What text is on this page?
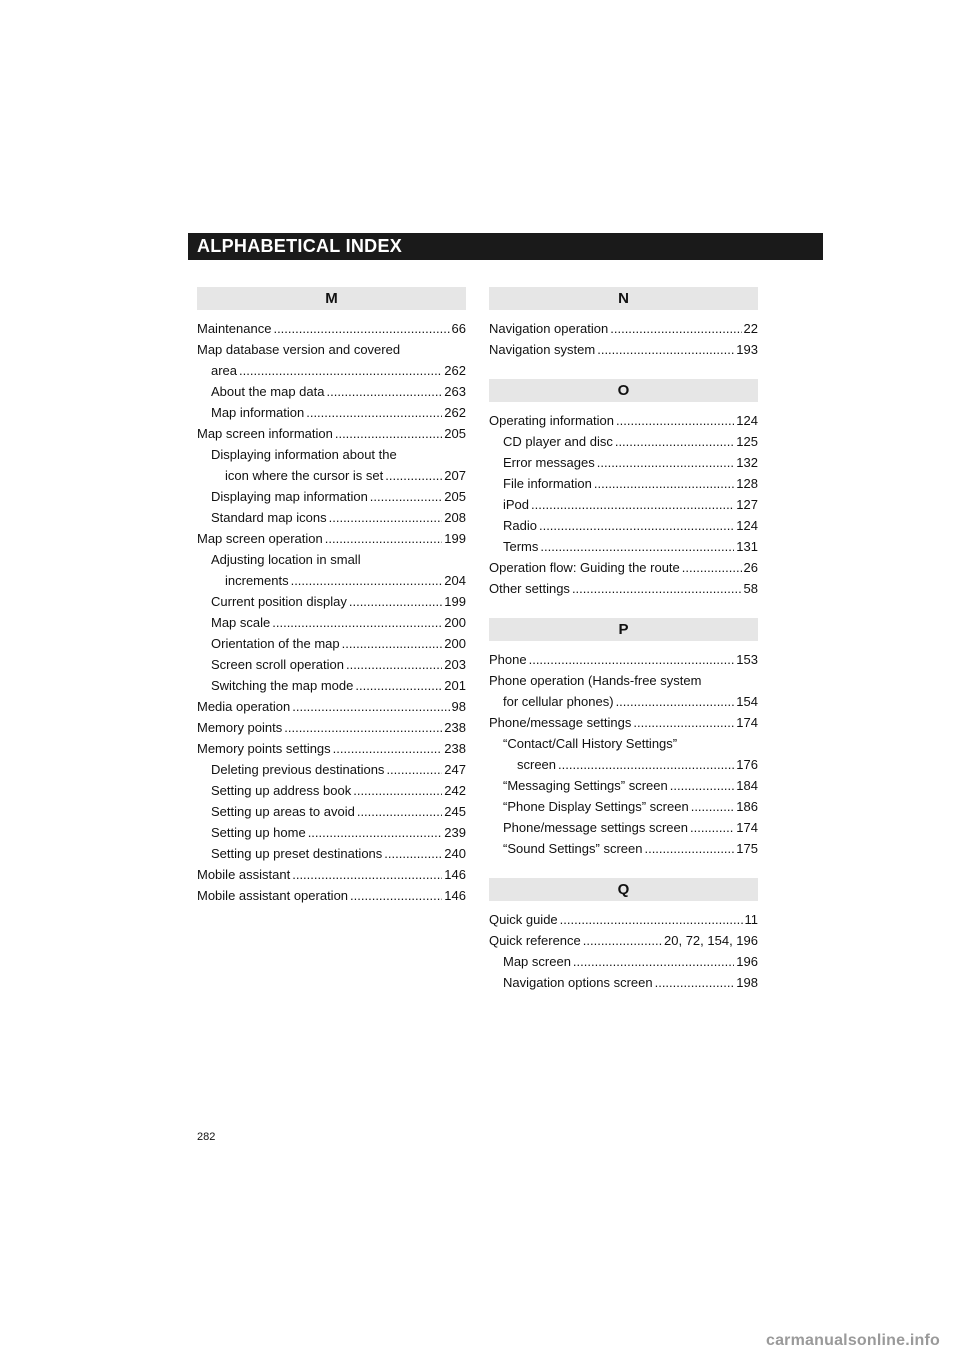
ALPHABETICAL INDEX
M
Maintenance .....	66
Map database version and covered
area .....	262
About the map data .....	263
Map information .....	262
Map screen information .....	205
Displaying information about the
icon where the cursor is set .....	207
Displaying map information .....	205
Standard map icons .....	208
Map screen operation .....	199
Adjusting location in small
increments .....	204
Current position display .....	199
Map scale .....	200
Orientation of the map .....	200
Screen scroll operation .....	203
Switching the map mode .....	201
Media operation .....	98
Memory points .....	238
Memory points settings .....	238
Deleting previous destinations .....	247
Setting up address book .....	242
Setting up areas to avoid .....	245
Setting up home .....	239
Setting up preset destinations .....	240
Mobile assistant .....	146
Mobile assistant operation .....	146
N
Navigation operation .....	22
Navigation system .....	193
O
Operating information .....	124
CD player and disc .....	125
Error messages .....	132
File information .....	128
iPod .....	127
Radio .....	124
Terms .....	131
Operation flow: Guiding the route .....	26
Other settings .....	58
P
Phone .....	153
Phone operation (Hands-free system
for cellular phones) .....	154
Phone/message settings .....	174
“Contact/Call History Settings”
screen .....	176
“Messaging Settings” screen .....	184
“Phone Display Settings” screen .....	186
Phone/message settings screen .....	174
“Sound Settings” screen .....	175
Q
Quick guide .....	11
Quick reference .....	20, 72, 154, 196
Map screen .....	196
Navigation options screen .....	198
282
carmanualsonline.info
